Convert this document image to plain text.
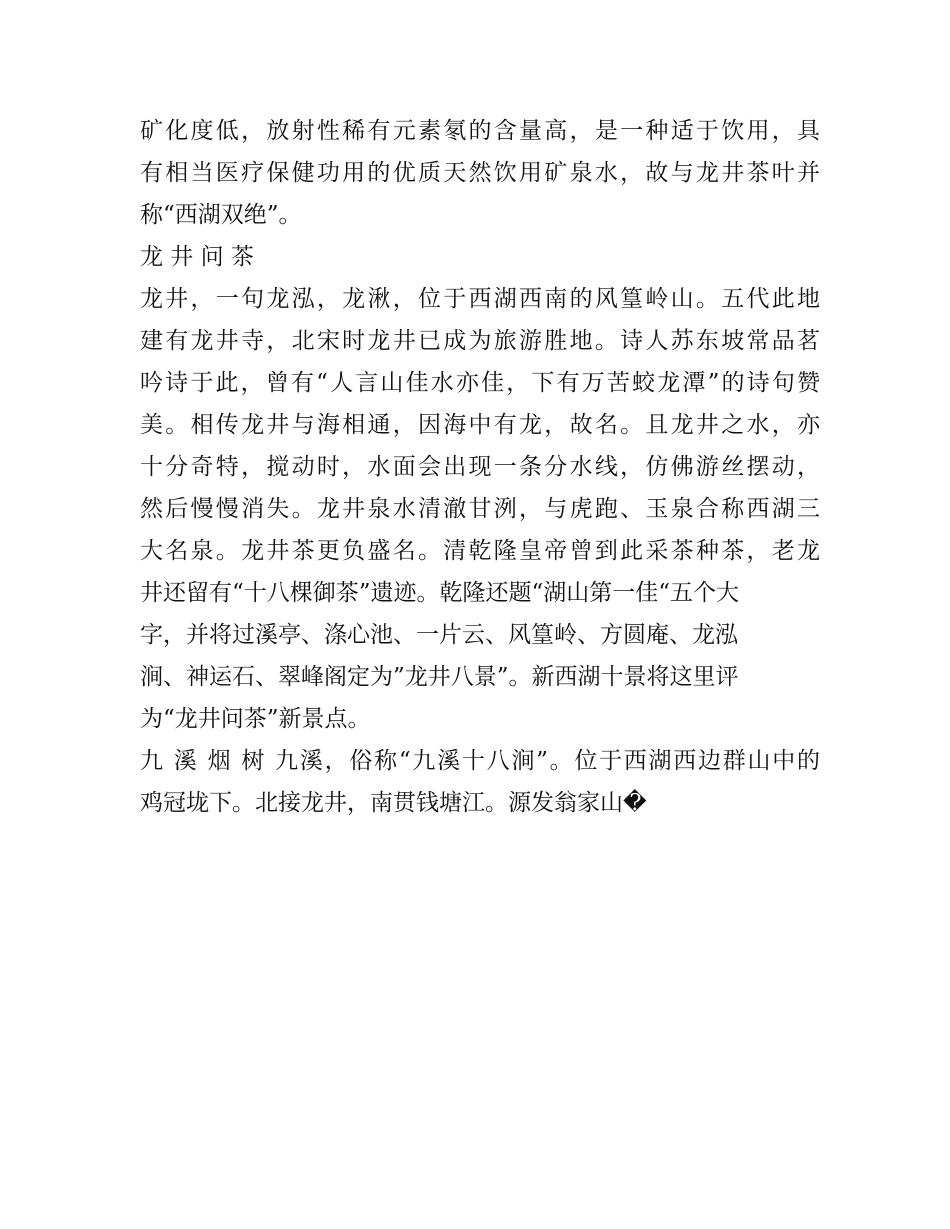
矿化度低，放射性稀有元素氡的含量高，是一种适于饮用，具
有相当医疗保健功用的优质天然饮用矿泉水，故与龙井茶叶并
称“西湖双绝”。
龙 井 问 茶
龙井，一句龙泓，龙湫，位于西湖西南的风篁岭山。五代此地
建有龙井寺，北宋时龙井已成为旅游胜地。诗人苏东坡常品茗
吟诗于此，曾有“人言山佳水亦佳，下有万苦蛟龙潭”的诗句赞
美。相传龙井与海相通，因海中有龙，故名。且龙井之水，亦
十分奇特，搅动时，水面会出现一条分水线，仿佛游丝摆动，
然后慢慢消失。龙井泉水清澈甘洌，与虎跑、玉泉合称西湖三
大名泉。龙井茶更负盛名。清乾隆皇帝曾到此采茶种茶，老龙
井还留有“十八棵御茶”遗迹。乾隆还题“湖山第一佳“五个大
字，并将过溪亭、涤心池、一片云、风篁岭、方圆庵、龙泓
涧、神运石、翠峰阁定为”龙井八景”。新西湖十景将这里评
为“龙井问茶”新景点。
九 溪 烟 树 九溪，俗称“九溪十八涧”。位于西湖西边群山中的
鸡冠垅下。北接龙井，南贯钱塘江。源发翁家山�
